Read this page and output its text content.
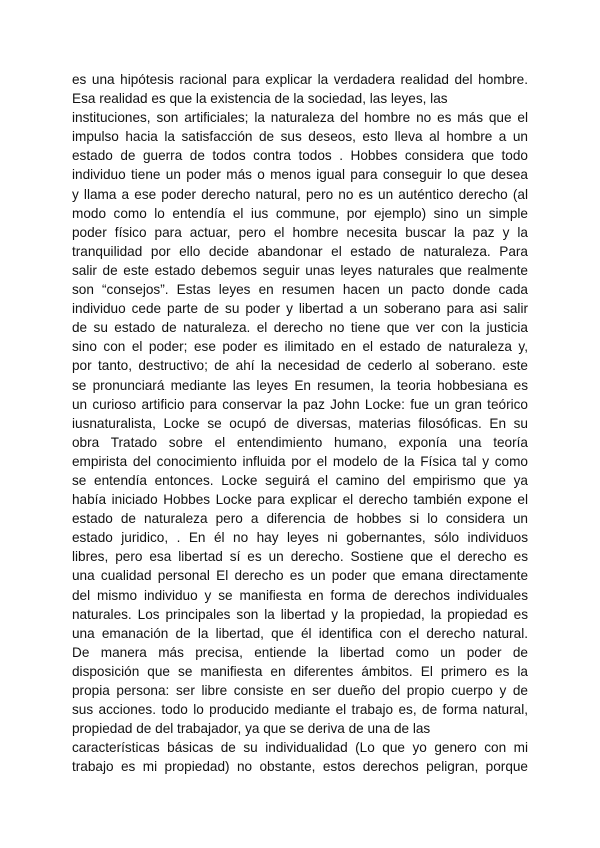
es una hipótesis racional para explicar la verdadera realidad del hombre.
Esa realidad es que la existencia de la sociedad, las leyes, las
instituciones, son artificiales; la naturaleza del hombre no es más que el
impulso hacia la satisfacción de sus deseos, esto lleva al hombre a un
estado de guerra de todos contra todos . Hobbes considera que todo
individuo tiene un poder más o menos igual para conseguir lo que desea
y llama a ese poder derecho natural, pero no es un auténtico derecho (al
modo como lo entendía el ius commune, por ejemplo) sino un simple
poder físico para actuar, pero el hombre necesita buscar la paz y la
tranquilidad por ello decide abandonar el estado de naturaleza. Para
salir de este estado debemos seguir unas leyes naturales que realmente
son “consejos”. Estas leyes en resumen hacen un pacto donde cada
individuo cede parte de su poder y libertad a un soberano para asi salir
de su estado de naturaleza. el derecho no tiene que ver con la justicia
sino con el poder; ese poder es ilimitado en el estado de naturaleza y,
por tanto, destructivo; de ahí la necesidad de cederlo al soberano. este
se pronunciará mediante las leyes En resumen, la teoria hobbesiana es
un curioso artificio para conservar la paz John Locke: fue un gran teórico
iusnaturalista, Locke se ocupó de diversas, materias filosóficas. En su
obra Tratado sobre el entendimiento humano, exponía una teoría
empirista del conocimiento influida por el modelo de la Física tal y como
se entendía entonces. Locke seguirá el camino del empirismo que ya
había iniciado Hobbes Locke para explicar el derecho también expone el
estado de naturaleza pero a diferencia de hobbes si lo considera un
estado juridico, . En él no hay leyes ni gobernantes, sólo individuos
libres, pero esa libertad sí es un derecho. Sostiene que el derecho es
una cualidad personal El derecho es un poder que emana directamente
del mismo individuo y se manifiesta en forma de derechos individuales
naturales. Los principales son la libertad y la propiedad, la propiedad es
una emanación de la libertad, que él identifica con el derecho natural.
De manera más precisa, entiende la libertad como un poder de
disposición que se manifiesta en diferentes ámbitos. El primero es la
propia persona: ser libre consiste en ser dueño del propio cuerpo y de
sus acciones. todo lo producido mediante el trabajo es, de forma natural,
propiedad de del trabajador, ya que se deriva de una de las
características básicas de su individualidad (Lo que yo genero con mi
trabajo es mi propiedad) no obstante, estos derechos peligran, porque
